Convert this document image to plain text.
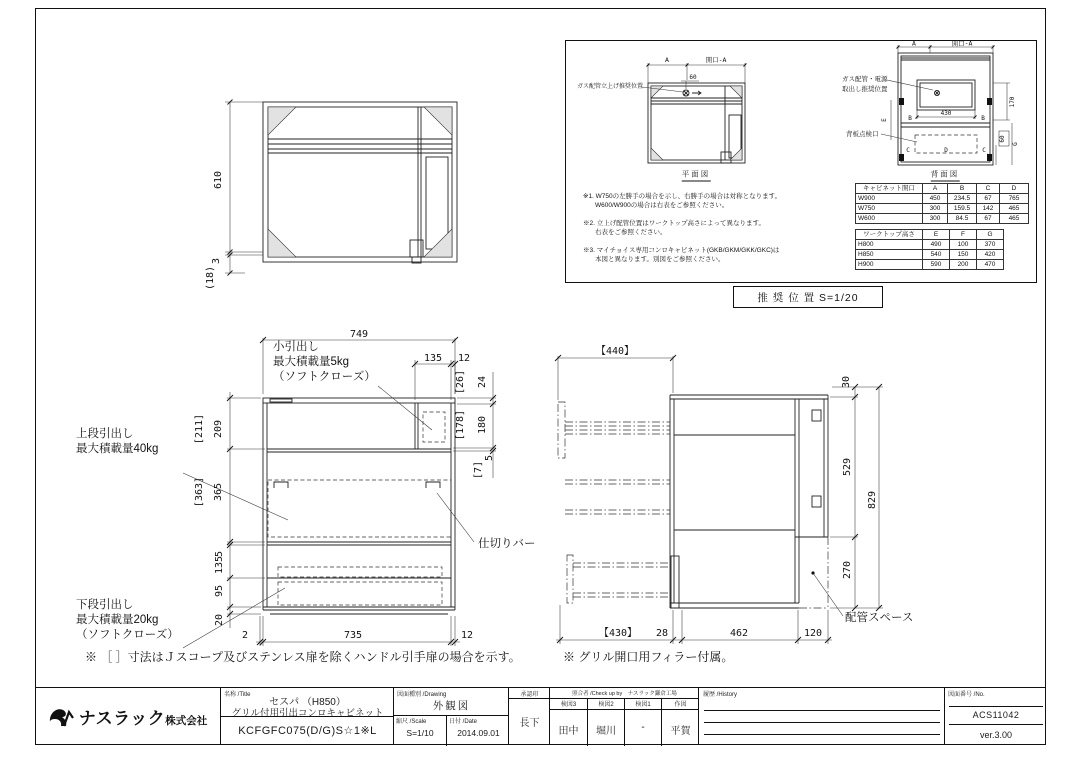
610
3
(18)
A	開口-A
60
A	開口-A
430
B	B
C	D	C
E
170
G
60
F
ガス配管立上げ推奨位置
平面図
ガス配管・電源
取出し推奨位置
背板点検口
背面図
※1. W750の左勝手の場合を示し、右勝手の場合は対称となります。
W600/W900の場合は右表をご参照ください。
※2. 立上げ配管位置はワークトップ高さによって異なります。
右表をご参照ください。
※3. マイチョイス専用コンロキャビネット(GKB/GKM/GKK/GKC)は
本図と異なります。別図をご参照ください。
キャビネット開口	A	B	C	D
W900	450	234.5	67	765
W750	300	159.5	142	465
W600	300	84.5	67	465
ワークトップ高さ	E	F	G
H800	490	100	370
H850	540	150	420
H900	590	200	470
推 奨 位 置 S=1/20
749
135 12
[26] 24
[178] 180
[7]
5
[211] 209
[363] 365
5
135
95
20
2	735	12
小引出し
最大積載量5kg
（ソフトクローズ）
上段引出し
最大積載量40kg
下段引出し
最大積載量20kg
（ソフトクローズ）
仕切りバー
【440】
30
529
829
270
【430】 28	462	120
配管スペース
※ ［ ］寸法はＪスコープ及びステンレス扉を除くハンドル引手扉の場合を示す。	※ グリル開口用フィラー付属。
ナスラック株式会社
名称 /Title
セスパ （H850）
グリル付用引出コンロキャビネット
KCFGFC075(D/G)S☆1※L
図面種別 /Drawing
外観図
縮尺 /Scale
S=1/10
日付 /Date
2014.09.01
承認印
長下
照合者 /Check up by　ナスラック鎌倉工場
検図3
田中
検図2
堀川
検図1
-
作図
平賀
履歴 /History	図面番号 /No.
ACS11042
ver.3.00
